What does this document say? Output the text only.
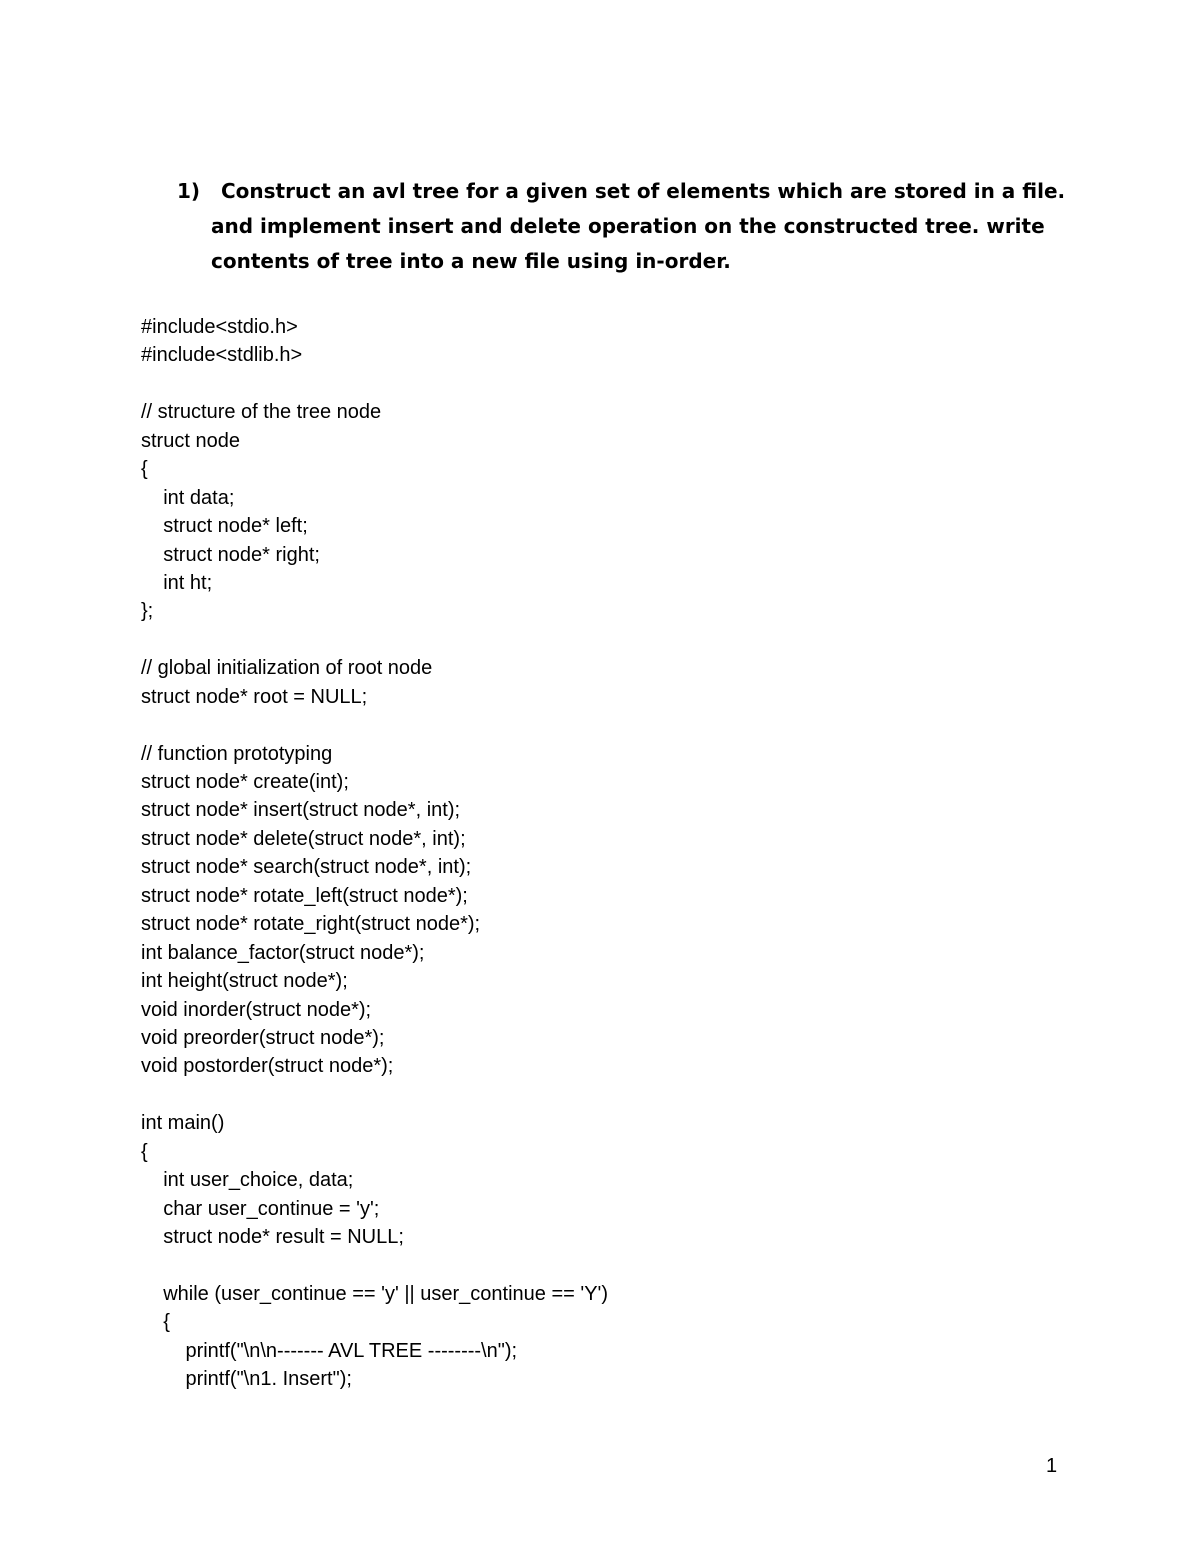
1) Construct an avl tree for a given set of elements which are stored in a file.
and implement insert and delete operation on the constructed tree. write
contents of tree into a new file using in-order.
#include<stdio.h>
#include<stdlib.h>
// structure of the tree node
struct node
{
int data;
struct node* left;
struct node* right;
int ht;
};
// global initialization of root node
struct node* root = NULL;
// function prototyping
struct node* create(int);
struct node* insert(struct node*, int);
struct node* delete(struct node*, int);
struct node* search(struct node*, int);
struct node* rotate_left(struct node*);
struct node* rotate_right(struct node*);
int balance_factor(struct node*);
int height(struct node*);
void inorder(struct node*);
void preorder(struct node*);
void postorder(struct node*);
int main()
{
int user_choice, data;
char user_continue = 'y';
struct node* result = NULL;
while (user_continue == 'y' || user_continue == 'Y')
{
printf("\n\n------- AVL TREE --------\n");
printf("\n1. Insert");
1
